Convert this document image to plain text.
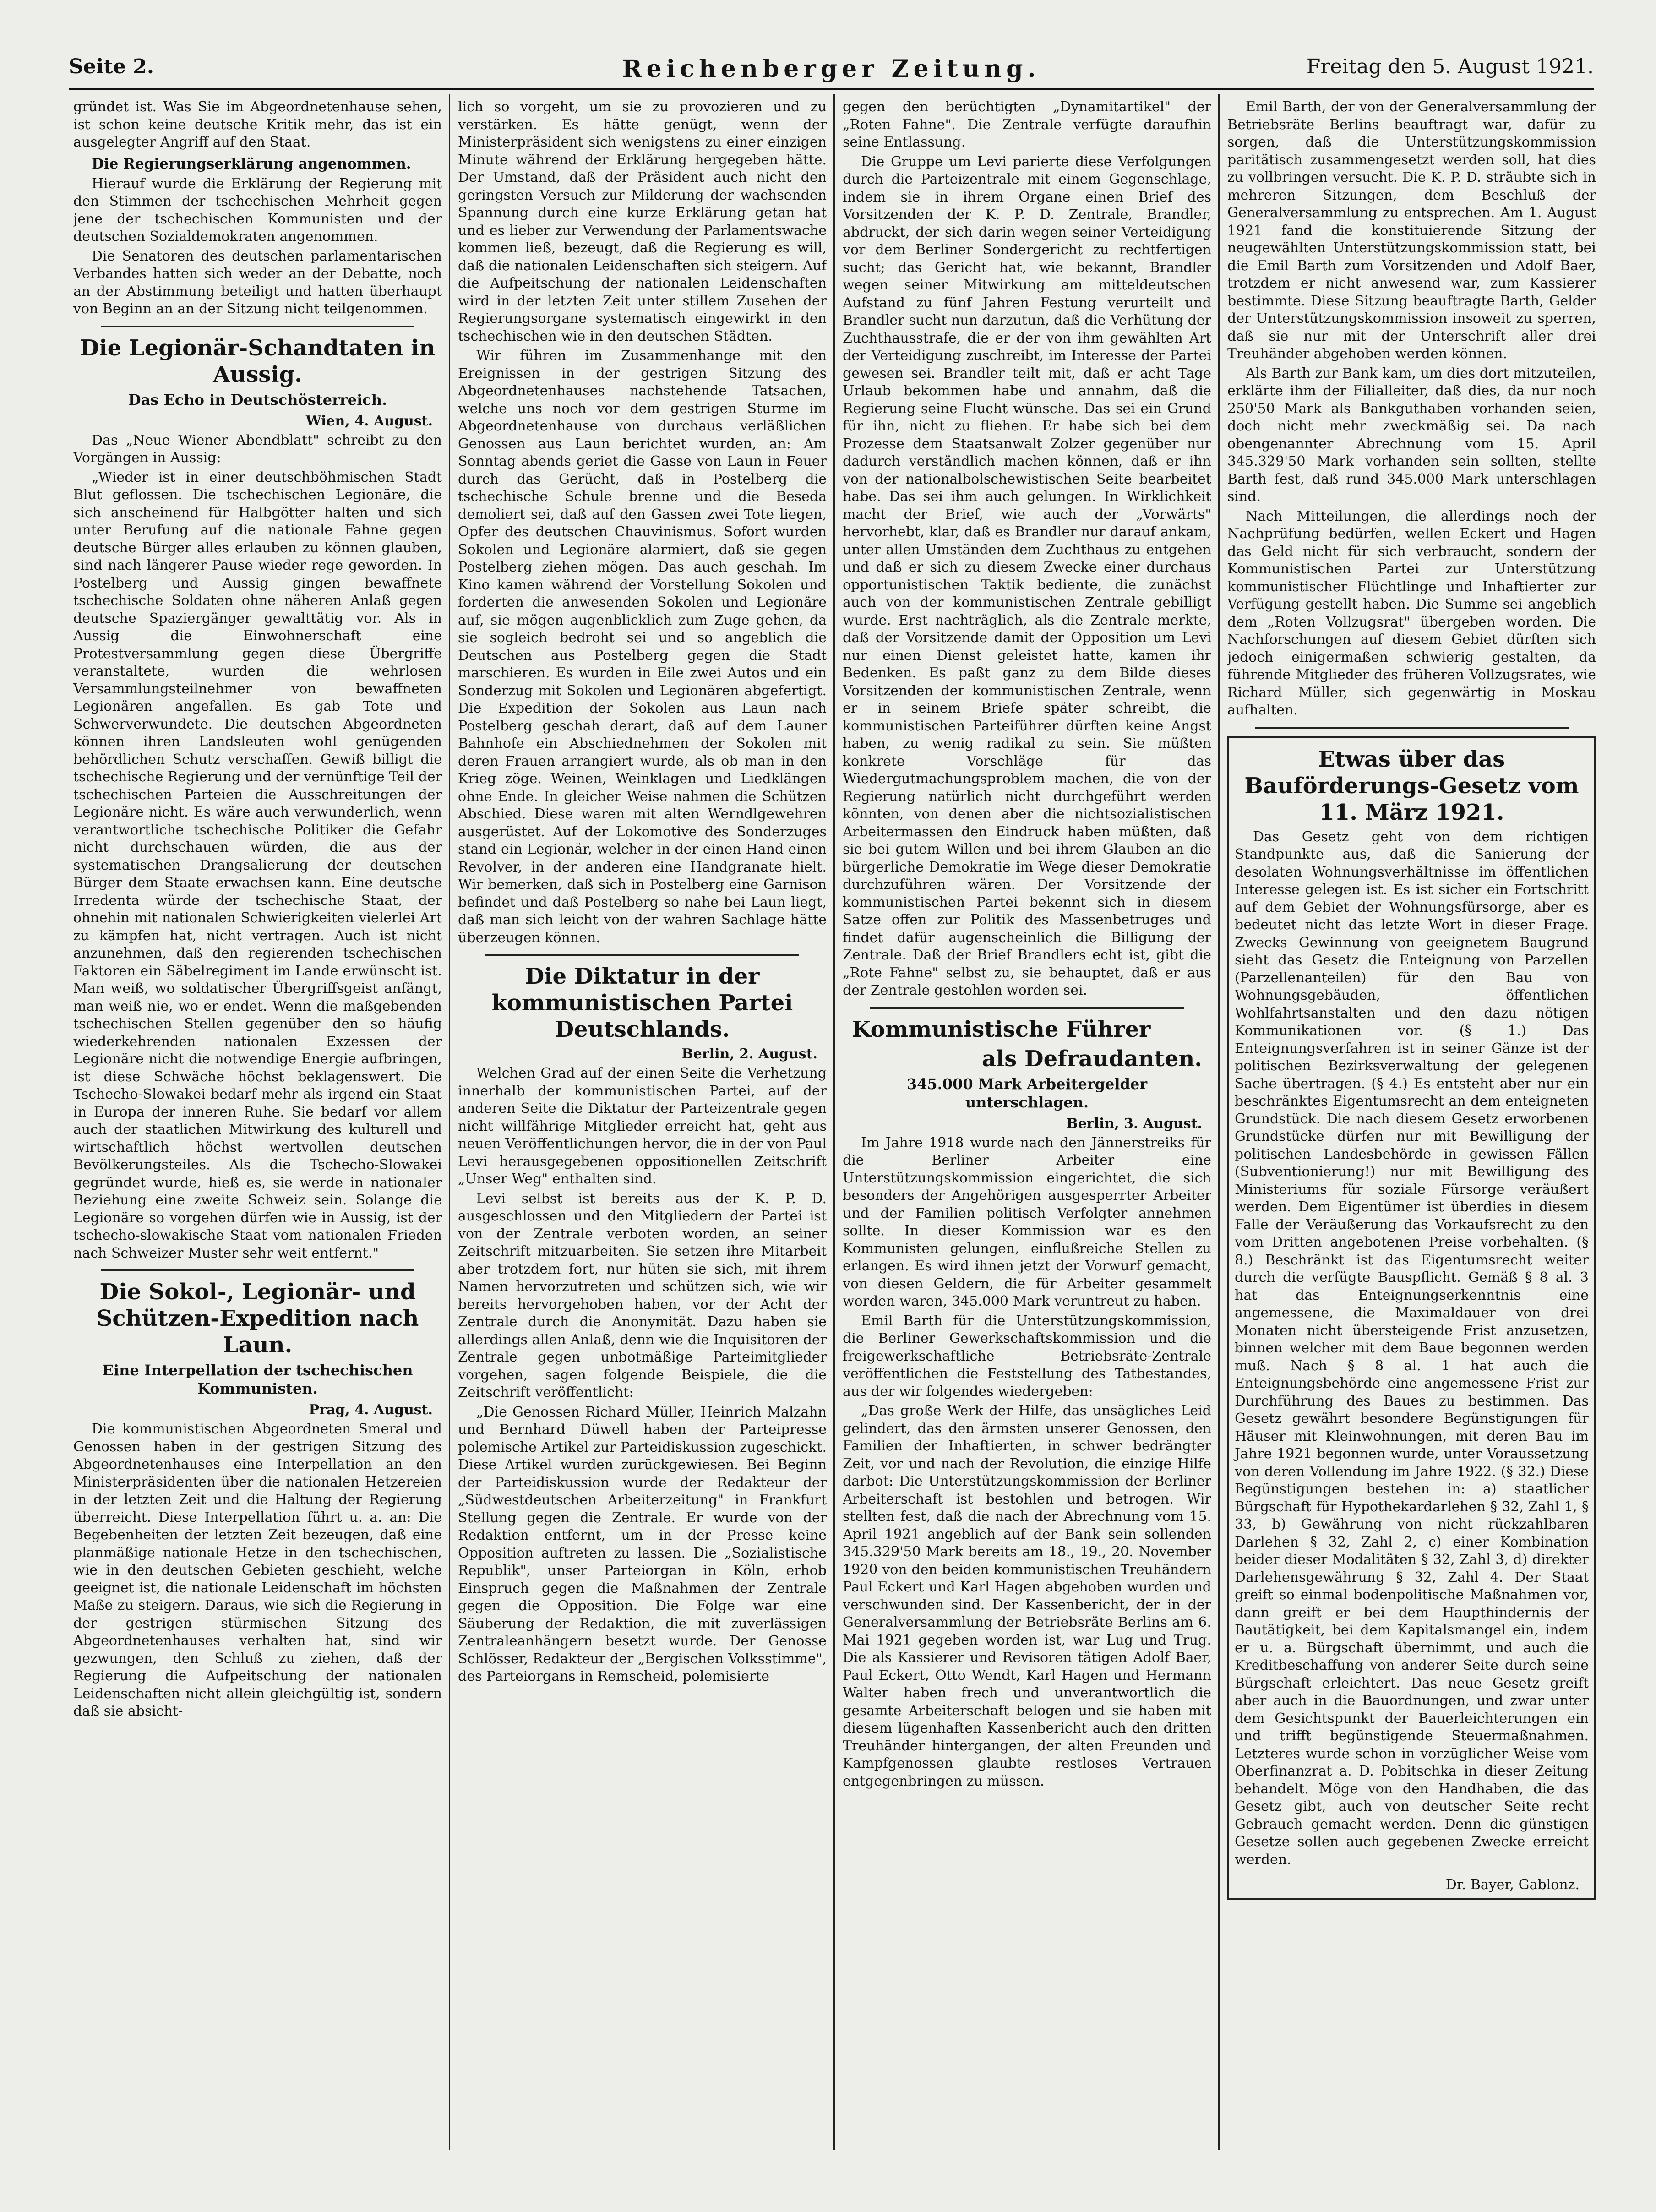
Seite 2.	Reichenberger Zeitung.	Freitag den 5. August 1921.

gründet ist. Was Sie im Abgeordnetenhause sehen, ist schon keine deutsche Kritik mehr, das ist ein ausgelegter Angriff auf den Staat.

Die Regierungserklärung angenommen.

Hierauf wurde die Erklärung der Regierung mit den Stimmen der tschechischen Mehrheit gegen jene der tschechischen Kommunisten und der deutschen Sozialdemokraten angenommen.

Die Senatoren des deutschen parlamentarischen Verbandes hatten sich weder an der Debatte, noch an der Abstimmung beteiligt und hatten überhaupt von Beginn an an der Sitzung nicht teilgenommen.

Die Legionär-Schandtaten in Aussig.
Das Echo in Deutschösterreich.
Wien, 4. August.

Das „Neue Wiener Abendblatt" schreibt zu den Vorgängen in Aussig:

„Wieder ist in einer deutschböhmischen Stadt Blut geflossen. Die tschechischen Legionäre, die sich anscheinend für Halbgötter halten und sich unter Berufung auf die nationale Fahne gegen deutsche Bürger alles erlauben zu können glauben, sind nach längerer Pause wieder rege geworden. In Postelberg und Aussig gingen bewaffnete tschechische Soldaten ohne näheren Anlaß gegen deutsche Spaziergänger gewalttätig vor. Als in Aussig die Einwohnerschaft eine Protestversammlung gegen diese Übergriffe veranstaltete, wurden die wehrlosen Versammlungsteilnehmer von bewaffneten Legionären angefallen. Es gab Tote und Schwerverwundete. Die deutschen Abgeordneten können ihren Landsleuten wohl genügenden behördlichen Schutz verschaffen. Gewiß billigt die tschechische Regierung und der vernünftige Teil der tschechischen Parteien die Ausschreitungen der Legionäre nicht. Es wäre auch verwunderlich, wenn verantwortliche tschechische Politiker die Gefahr nicht durchschauen würden, die aus der systematischen Drangsalierung der deutschen Bürger dem Staate erwachsen kann. Eine deutsche Irredenta würde der tschechische Staat, der ohnehin mit nationalen Schwierigkeiten vielerlei Art zu kämpfen hat, nicht vertragen. Auch ist nicht anzunehmen, daß den regierenden tschechischen Faktoren ein Säbelregiment im Lande erwünscht ist. Man weiß, wo soldatischer Übergriffsgeist anfängt, man weiß nie, wo er endet. Wenn die maßgebenden tschechischen Stellen gegenüber den so häufig wiederkehrenden nationalen Exzessen der Legionäre nicht die notwendige Energie aufbringen, ist diese Schwäche höchst beklagenswert. Die Tschecho-Slowakei bedarf mehr als irgend ein Staat in Europa der inneren Ruhe. Sie bedarf vor allem auch der staatlichen Mitwirkung des kulturell und wirtschaftlich höchst wertvollen deutschen Bevölkerungsteiles. Als die Tschecho-Slowakei gegründet wurde, hieß es, sie werde in nationaler Beziehung eine zweite Schweiz sein. Solange die Legionäre so vorgehen dürfen wie in Aussig, ist der tschecho-slowakische Staat vom nationalen Frieden nach Schweizer Muster sehr weit entfernt."

Die Sokol-, Legionär- und Schützen-Expedition nach Laun.
Eine Interpellation der tschechischen Kommunisten.
Prag, 4. August.

Die kommunistischen Abgeordneten Smeral und Genossen haben in der gestrigen Sitzung des Abgeordnetenhauses eine Interpellation an den Ministerpräsidenten über die nationalen Hetzereien in der letzten Zeit und die Haltung der Regierung überreicht. Diese Interpellation führt u. a. an: Die Begebenheiten der letzten Zeit bezeugen, daß eine planmäßige nationale Hetze in den tschechischen, wie in den deutschen Gebieten geschieht, welche geeignet ist, die nationale Leidenschaft im höchsten Maße zu steigern. Daraus, wie sich die Regierung in der gestrigen stürmischen Sitzung des Abgeordnetenhauses verhalten hat, sind wir gezwungen, den Schluß zu ziehen, daß der Regierung die Aufpeitschung der nationalen Leidenschaften nicht allein gleichgültig ist, sondern daß sie absicht-

lich so vorgeht, um sie zu provozieren und zu verstärken. Es hätte genügt, wenn der Ministerpräsident sich wenigstens zu einer einzigen Minute während der Erklärung hergegeben hätte. Der Umstand, daß der Präsident auch nicht den geringsten Versuch zur Milderung der wachsenden Spannung durch eine kurze Erklärung getan hat und es lieber zur Verwendung der Parlamentswache kommen ließ, bezeugt, daß die Regierung es will, daß die nationalen Leidenschaften sich steigern. Auf die Aufpeitschung der nationalen Leidenschaften wird in der letzten Zeit unter stillem Zusehen der Regierungsorgane systematisch eingewirkt in den tschechischen wie in den deutschen Städten.

Wir führen im Zusammenhange mit den Ereignissen in der gestrigen Sitzung des Abgeordnetenhauses nachstehende Tatsachen, welche uns noch vor dem gestrigen Sturme im Abgeordnetenhause von durchaus verläßlichen Genossen aus Laun berichtet wurden, an: Am Sonntag abends geriet die Gasse von Laun in Feuer durch das Gerücht, daß in Postelberg die tschechische Schule brenne und die Beseda demoliert sei, daß auf den Gassen zwei Tote liegen, Opfer des deutschen Chauvinismus. Sofort wurden Sokolen und Legionäre alarmiert, daß sie gegen Postelberg ziehen mögen. Das auch geschah. Im Kino kamen während der Vorstellung Sokolen und forderten die anwesenden Sokolen und Legionäre auf, sie mögen augenblicklich zum Zuge gehen, da sie sogleich bedroht sei und so angeblich die Deutschen aus Postelberg gegen die Stadt marschieren. Es wurden in Eile zwei Autos und ein Sonderzug mit Sokolen und Legionären abgefertigt. Die Expedition der Sokolen aus Laun nach Postelberg geschah derart, daß auf dem Launer Bahnhofe ein Abschiednehmen der Sokolen mit deren Frauen arrangiert wurde, als ob man in den Krieg zöge. Weinen, Weinklagen und Liedklängen ohne Ende. In gleicher Weise nahmen die Schützen Abschied. Diese waren mit alten Werndlgewehren ausgerüstet. Auf der Lokomotive des Sonderzuges stand ein Legionär, welcher in der einen Hand einen Revolver, in der anderen eine Handgranate hielt. Wir bemerken, daß sich in Postelberg eine Garnison befindet und daß Postelberg so nahe bei Laun liegt, daß man sich leicht von der wahren Sachlage hätte überzeugen können.

Die Diktatur in der kommunistischen Partei Deutschlands.
Berlin, 2. August.

Welchen Grad auf der einen Seite die Verhetzung innerhalb der kommunistischen Partei, auf der anderen Seite die Diktatur der Parteizentrale gegen nicht willfährige Mitglieder erreicht hat, geht aus neuen Veröffentlichungen hervor, die in der von Paul Levi herausgegebenen oppositionellen Zeitschrift „Unser Weg" enthalten sind.

Levi selbst ist bereits aus der K. P. D. ausgeschlossen und den Mitgliedern der Partei ist von der Zentrale verboten worden, an seiner Zeitschrift mitzuarbeiten. Sie setzen ihre Mitarbeit aber trotzdem fort, nur hüten sie sich, mit ihrem Namen hervorzutreten und schützen sich, wie wir bereits hervorgehoben haben, vor der Acht der Zentrale durch die Anonymität. Dazu haben sie allerdings allen Anlaß, denn wie die Inquisitoren der Zentrale gegen unbotmäßige Parteimitglieder vorgehen, sagen folgende Beispiele, die die Zeitschrift veröffentlicht:

„Die Genossen Richard Müller, Heinrich Malzahn und Bernhard Düwell haben der Parteipresse polemische Artikel zur Parteidiskussion zugeschickt. Diese Artikel wurden zurückgewiesen. Bei Beginn der Parteidiskussion wurde der Redakteur der „Südwestdeutschen Arbeiterzeitung" in Frankfurt Stellung gegen die Zentrale. Er wurde von der Redaktion entfernt, um in der Presse keine Opposition auftreten zu lassen. Die „Sozialistische Republik", unser Parteiorgan in Köln, erhob Einspruch gegen die Maßnahmen der Zentrale gegen die Opposition. Die Folge war eine Säuberung der Redaktion, die mit zuverlässigen Zentraleanhängern besetzt wurde. Der Genosse Schlösser, Redakteur der „Bergischen Volksstimme", des Parteiorgans in Remscheid, polemisierte

gegen den berüchtigten „Dynamitartikel" der „Roten Fahne". Die Zentrale verfügte daraufhin seine Entlassung.

Die Gruppe um Levi parierte diese Verfolgungen durch die Parteizentrale mit einem Gegenschlage, indem sie in ihrem Organe einen Brief des Vorsitzenden der K. P. D. Zentrale, Brandler, abdruckt, der sich darin wegen seiner Verteidigung vor dem Berliner Sondergericht zu rechtfertigen sucht; das Gericht hat, wie bekannt, Brandler wegen seiner Mitwirkung am mitteldeutschen Aufstand zu fünf Jahren Festung verurteilt und Brandler sucht nun darzutun, daß die Verhütung der Zuchthausstrafe, die er der von ihm gewählten Art der Verteidigung zuschreibt, im Interesse der Partei gewesen sei. Brandler teilt mit, daß er acht Tage Urlaub bekommen habe und annahm, daß die Regierung seine Flucht wünsche. Das sei ein Grund für ihn, nicht zu fliehen. Er habe sich bei dem Prozesse dem Staatsanwalt Zolzer gegenüber nur dadurch verständlich machen können, daß er ihn von der nationalbolschewistischen Seite bearbeitet habe. Das sei ihm auch gelungen. In Wirklichkeit macht der Brief, wie auch der „Vorwärts" hervorhebt, klar, daß es Brandler nur darauf ankam, unter allen Umständen dem Zuchthaus zu entgehen und daß er sich zu diesem Zwecke einer durchaus opportunistischen Taktik bediente, die zunächst auch von der kommunistischen Zentrale gebilligt wurde. Erst nachträglich, als die Zentrale merkte, daß der Vorsitzende damit der Opposition um Levi nur einen Dienst geleistet hatte, kamen ihr Bedenken. Es paßt ganz zu dem Bilde dieses Vorsitzenden der kommunistischen Zentrale, wenn er in seinem Briefe später schreibt, die kommunistischen Parteiführer dürften keine Angst haben, zu wenig radikal zu sein. Sie müßten konkrete Vorschläge für das Wiedergutmachungsproblem machen, die von der Regierung natürlich nicht durchgeführt werden könnten, von denen aber die nichtsozialistischen Arbeitermassen den Eindruck haben müßten, daß sie bei gutem Willen und bei ihrem Glauben an die bürgerliche Demokratie im Wege dieser Demokratie durchzuführen wären. Der Vorsitzende der kommunistischen Partei bekennt sich in diesem Satze offen zur Politik des Massenbetruges und findet dafür augenscheinlich die Billigung der Zentrale. Daß der Brief Brandlers echt ist, gibt die „Rote Fahne" selbst zu, sie behauptet, daß er aus der Zentrale gestohlen worden sei.

Kommunistische Führer
als Defraudanten.
345.000 Mark Arbeitergelder unterschlagen.
Berlin, 3. August.

Im Jahre 1918 wurde nach den Jännerstreiks für die Berliner Arbeiter eine Unterstützungskommission eingerichtet, die sich besonders der Angehörigen ausgesperrter Arbeiter und der Familien politisch Verfolgter annehmen sollte. In dieser Kommission war es den Kommunisten gelungen, einflußreiche Stellen zu erlangen. Es wird ihnen jetzt der Vorwurf gemacht, von diesen Geldern, die für Arbeiter gesammelt worden waren, 345.000 Mark veruntreut zu haben.

Emil Barth für die Unterstützungskommission, die Berliner Gewerkschaftskommission und die freigewerkschaftliche Betriebsräte-Zentrale veröffentlichen die Feststellung des Tatbestandes, aus der wir folgendes wiedergeben:

„Das große Werk der Hilfe, das unsägliches Leid gelindert, das den ärmsten unserer Genossen, den Familien der Inhaftierten, in schwer bedrängter Zeit, vor und nach der Revolution, die einzige Hilfe darbot: Die Unterstützungskommission der Berliner Arbeiterschaft ist bestohlen und betrogen. Wir stellten fest, daß die nach der Abrechnung vom 15. April 1921 angeblich auf der Bank sein sollenden 345.329'50 Mark bereits am 18., 19., 20. November 1920 von den beiden kommunistischen Treuhändern Paul Eckert und Karl Hagen abgehoben wurden und verschwunden sind. Der Kassenbericht, der in der Generalversammlung der Betriebsräte Berlins am 6. Mai 1921 gegeben worden ist, war Lug und Trug. Die als Kassierer und Revisoren tätigen Adolf Baer, Paul Eckert, Otto Wendt, Karl Hagen und Hermann Walter haben frech und unverantwortlich die gesamte Arbeiterschaft belogen und sie haben mit diesem lügenhaften Kassenbericht auch den dritten Treuhänder hintergangen, der alten Freunden und Kampfgenossen glaubte restloses Vertrauen entgegenbringen zu müssen.

Emil Barth, der von der Generalversammlung der Betriebsräte Berlins beauftragt war, dafür zu sorgen, daß die Unterstützungskommission paritätisch zusammengesetzt werden soll, hat dies zu vollbringen versucht. Die K. P. D. sträubte sich in mehreren Sitzungen, dem Beschluß der Generalversammlung zu entsprechen. Am 1. August 1921 fand die konstituierende Sitzung der neugewählten Unterstützungskommission statt, bei die Emil Barth zum Vorsitzenden und Adolf Baer, trotzdem er nicht anwesend war, zum Kassierer bestimmte. Diese Sitzung beauftragte Barth, Gelder der Unterstützungskommission insoweit zu sperren, daß sie nur mit der Unterschrift aller drei Treuhänder abgehoben werden können.

Als Barth zur Bank kam, um dies dort mitzuteilen, erklärte ihm der Filialleiter, daß dies, da nur noch 250'50 Mark als Bankguthaben vorhanden seien, doch nicht mehr zweckmäßig sei. Da nach obengenannter Abrechnung vom 15. April 345.329'50 Mark vorhanden sein sollten, stellte Barth fest, daß rund 345.000 Mark unterschlagen sind.

Nach Mitteilungen, die allerdings noch der Nachprüfung bedürfen, wellen Eckert und Hagen das Geld nicht für sich verbraucht, sondern der Kommunistischen Partei zur Unterstützung kommunistischer Flüchtlinge und Inhaftierter zur Verfügung gestellt haben. Die Summe sei angeblich dem „Roten Vollzugsrat" übergeben worden. Die Nachforschungen auf diesem Gebiet dürften sich jedoch einigermaßen schwierig gestalten, da führende Mitglieder des früheren Vollzugsrates, wie Richard Müller, sich gegenwärtig in Moskau aufhalten.

Etwas über das Bauförderungs-Gesetz vom 11. März 1921.

Das Gesetz geht von dem richtigen Standpunkte aus, daß die Sanierung der desolaten Wohnungsverhältnisse im öffentlichen Interesse gelegen ist. Es ist sicher ein Fortschritt auf dem Gebiet der Wohnungsfürsorge, aber es bedeutet nicht das letzte Wort in dieser Frage. Zwecks Gewinnung von geeignetem Baugrund sieht das Gesetz die Enteignung von Parzellen (Parzellenanteilen) für den Bau von Wohnungsgebäuden, öffentlichen Wohlfahrtsanstalten und den dazu nötigen Kommunikationen vor. (§ 1.) Das Enteignungsverfahren ist in seiner Gänze ist der politischen Bezirksverwaltung der gelegenen Sache übertragen. (§ 4.) Es entsteht aber nur ein beschränktes Eigentumsrecht an dem enteigneten Grundstück. Die nach diesem Gesetz erworbenen Grundstücke dürfen nur mit Bewilligung der politischen Landesbehörde in gewissen Fällen (Subventionierung!) nur mit Bewilligung des Ministeriums für soziale Fürsorge veräußert werden. Dem Eigentümer ist überdies in diesem Falle der Veräußerung das Vorkaufsrecht zu den vom Dritten angebotenen Preise vorbehalten. (§ 8.) Beschränkt ist das Eigentumsrecht weiter durch die verfügte Bauspflicht. Gemäß § 8 al. 3 hat das Enteignungserkenntnis eine angemessene, die Maximaldauer von drei Monaten nicht übersteigende Frist anzusetzen, binnen welcher mit dem Baue begonnen werden muß. Nach § 8 al. 1 hat auch die Enteignungsbehörde eine angemessene Frist zur Durchführung des Baues zu bestimmen. Das Gesetz gewährt besondere Begünstigungen für Häuser mit Kleinwohnungen, mit deren Bau im Jahre 1921 begonnen wurde, unter Voraussetzung von deren Vollendung im Jahre 1922. (§ 32.) Diese Begünstigungen bestehen in: a) staatlicher Bürgschaft für Hypothekardarlehen § 32, Zahl 1, § 33, b) Gewährung von nicht rückzahlbaren Darlehen § 32, Zahl 2, c) einer Kombination beider dieser Modalitäten § 32, Zahl 3, d) direkter Darlehensgewährung § 32, Zahl 4. Der Staat greift so einmal bodenpolitische Maßnahmen vor, dann greift er bei dem Haupthindernis der Bautätigkeit, bei dem Kapitalsmangel ein, indem er u. a. Bürgschaft übernimmt, und auch die Kreditbeschaffung von anderer Seite durch seine Bürgschaft erleichtert. Das neue Gesetz greift aber auch in die Bauordnungen, und zwar unter dem Gesichtspunkt der Bauerleichterungen ein und trifft begünstigende Steuermaßnahmen. Letzteres wurde schon in vorzüglicher Weise vom Oberfinanzrat a. D. Pobitschka in dieser Zeitung behandelt. Möge von den Handhaben, die das Gesetz gibt, auch von deutscher Seite recht Gebrauch gemacht werden. Denn die günstigen Gesetze sollen auch gegebenen Zwecke erreicht werden.

Dr. Bayer, Gablonz.
